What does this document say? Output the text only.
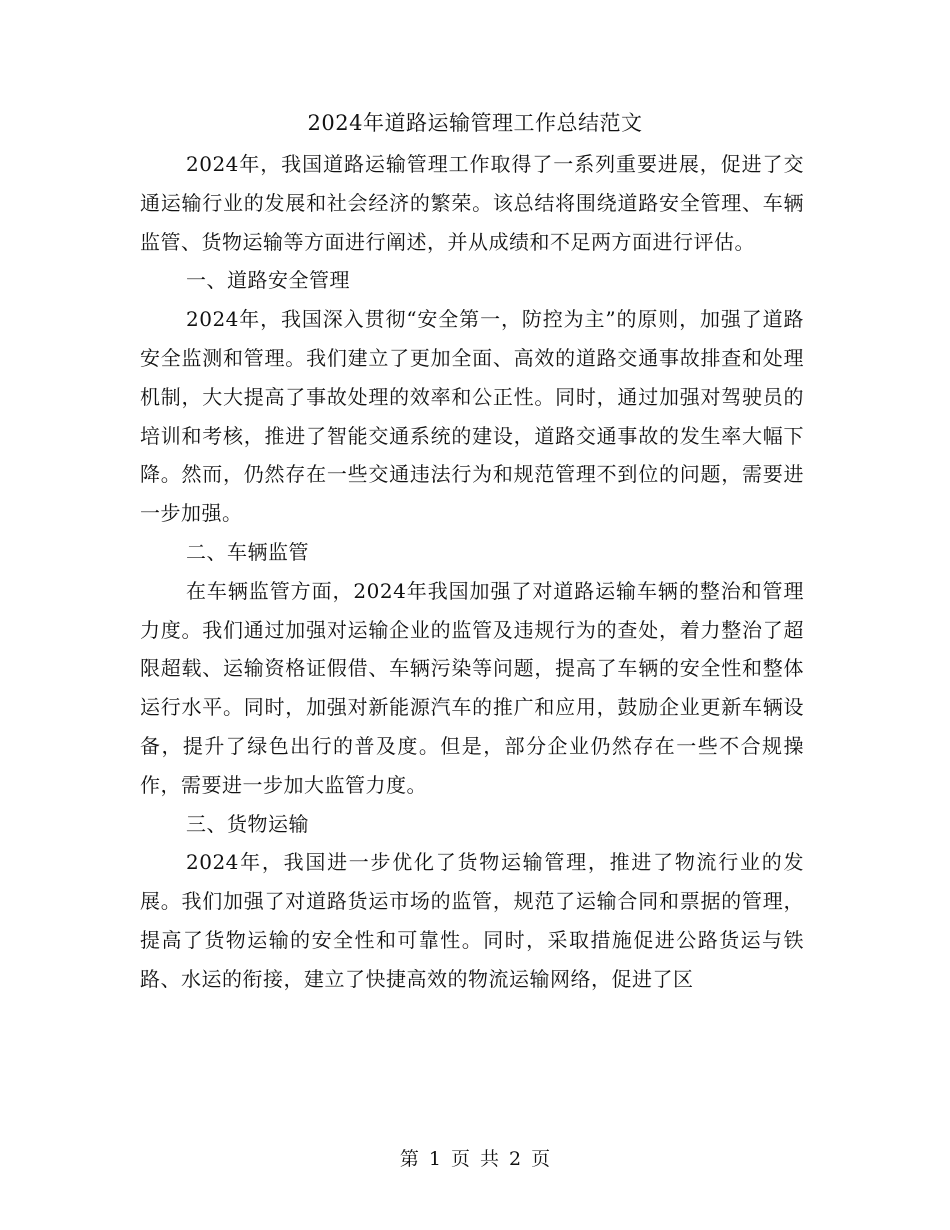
2024年道路运输管理工作总结范文

2024年，我国道路运输管理工作取得了一系列重要进展，促进了交通运输行业的发展和社会经济的繁荣。该总结将围绕道路安全管理、车辆监管、货物运输等方面进行阐述，并从成绩和不足两方面进行评估。

一、道路安全管理

2024年，我国深入贯彻“安全第一，防控为主”的原则，加强了道路安全监测和管理。我们建立了更加全面、高效的道路交通事故排查和处理机制，大大提高了事故处理的效率和公正性。同时，通过加强对驾驶员的培训和考核，推进了智能交通系统的建设，道路交通事故的发生率大幅下降。然而，仍然存在一些交通违法行为和规范管理不到位的问题，需要进一步加强。

二、车辆监管

在车辆监管方面，2024年我国加强了对道路运输车辆的整治和管理力度。我们通过加强对运输企业的监管及违规行为的查处，着力整治了超限超载、运输资格证假借、车辆污染等问题，提高了车辆的安全性和整体运行水平。同时，加强对新能源汽车的推广和应用，鼓励企业更新车辆设备，提升了绿色出行的普及度。但是，部分企业仍然存在一些不合规操作，需要进一步加大监管力度。

三、货物运输

2024年，我国进一步优化了货物运输管理，推进了物流行业的发展。我们加强了对道路货运市场的监管，规范了运输合同和票据的管理，提高了货物运输的安全性和可靠性。同时，采取措施促进公路货运与铁路、水运的衔接，建立了快捷高效的物流运输网络，促进了区

第 1 页 共 2 页
